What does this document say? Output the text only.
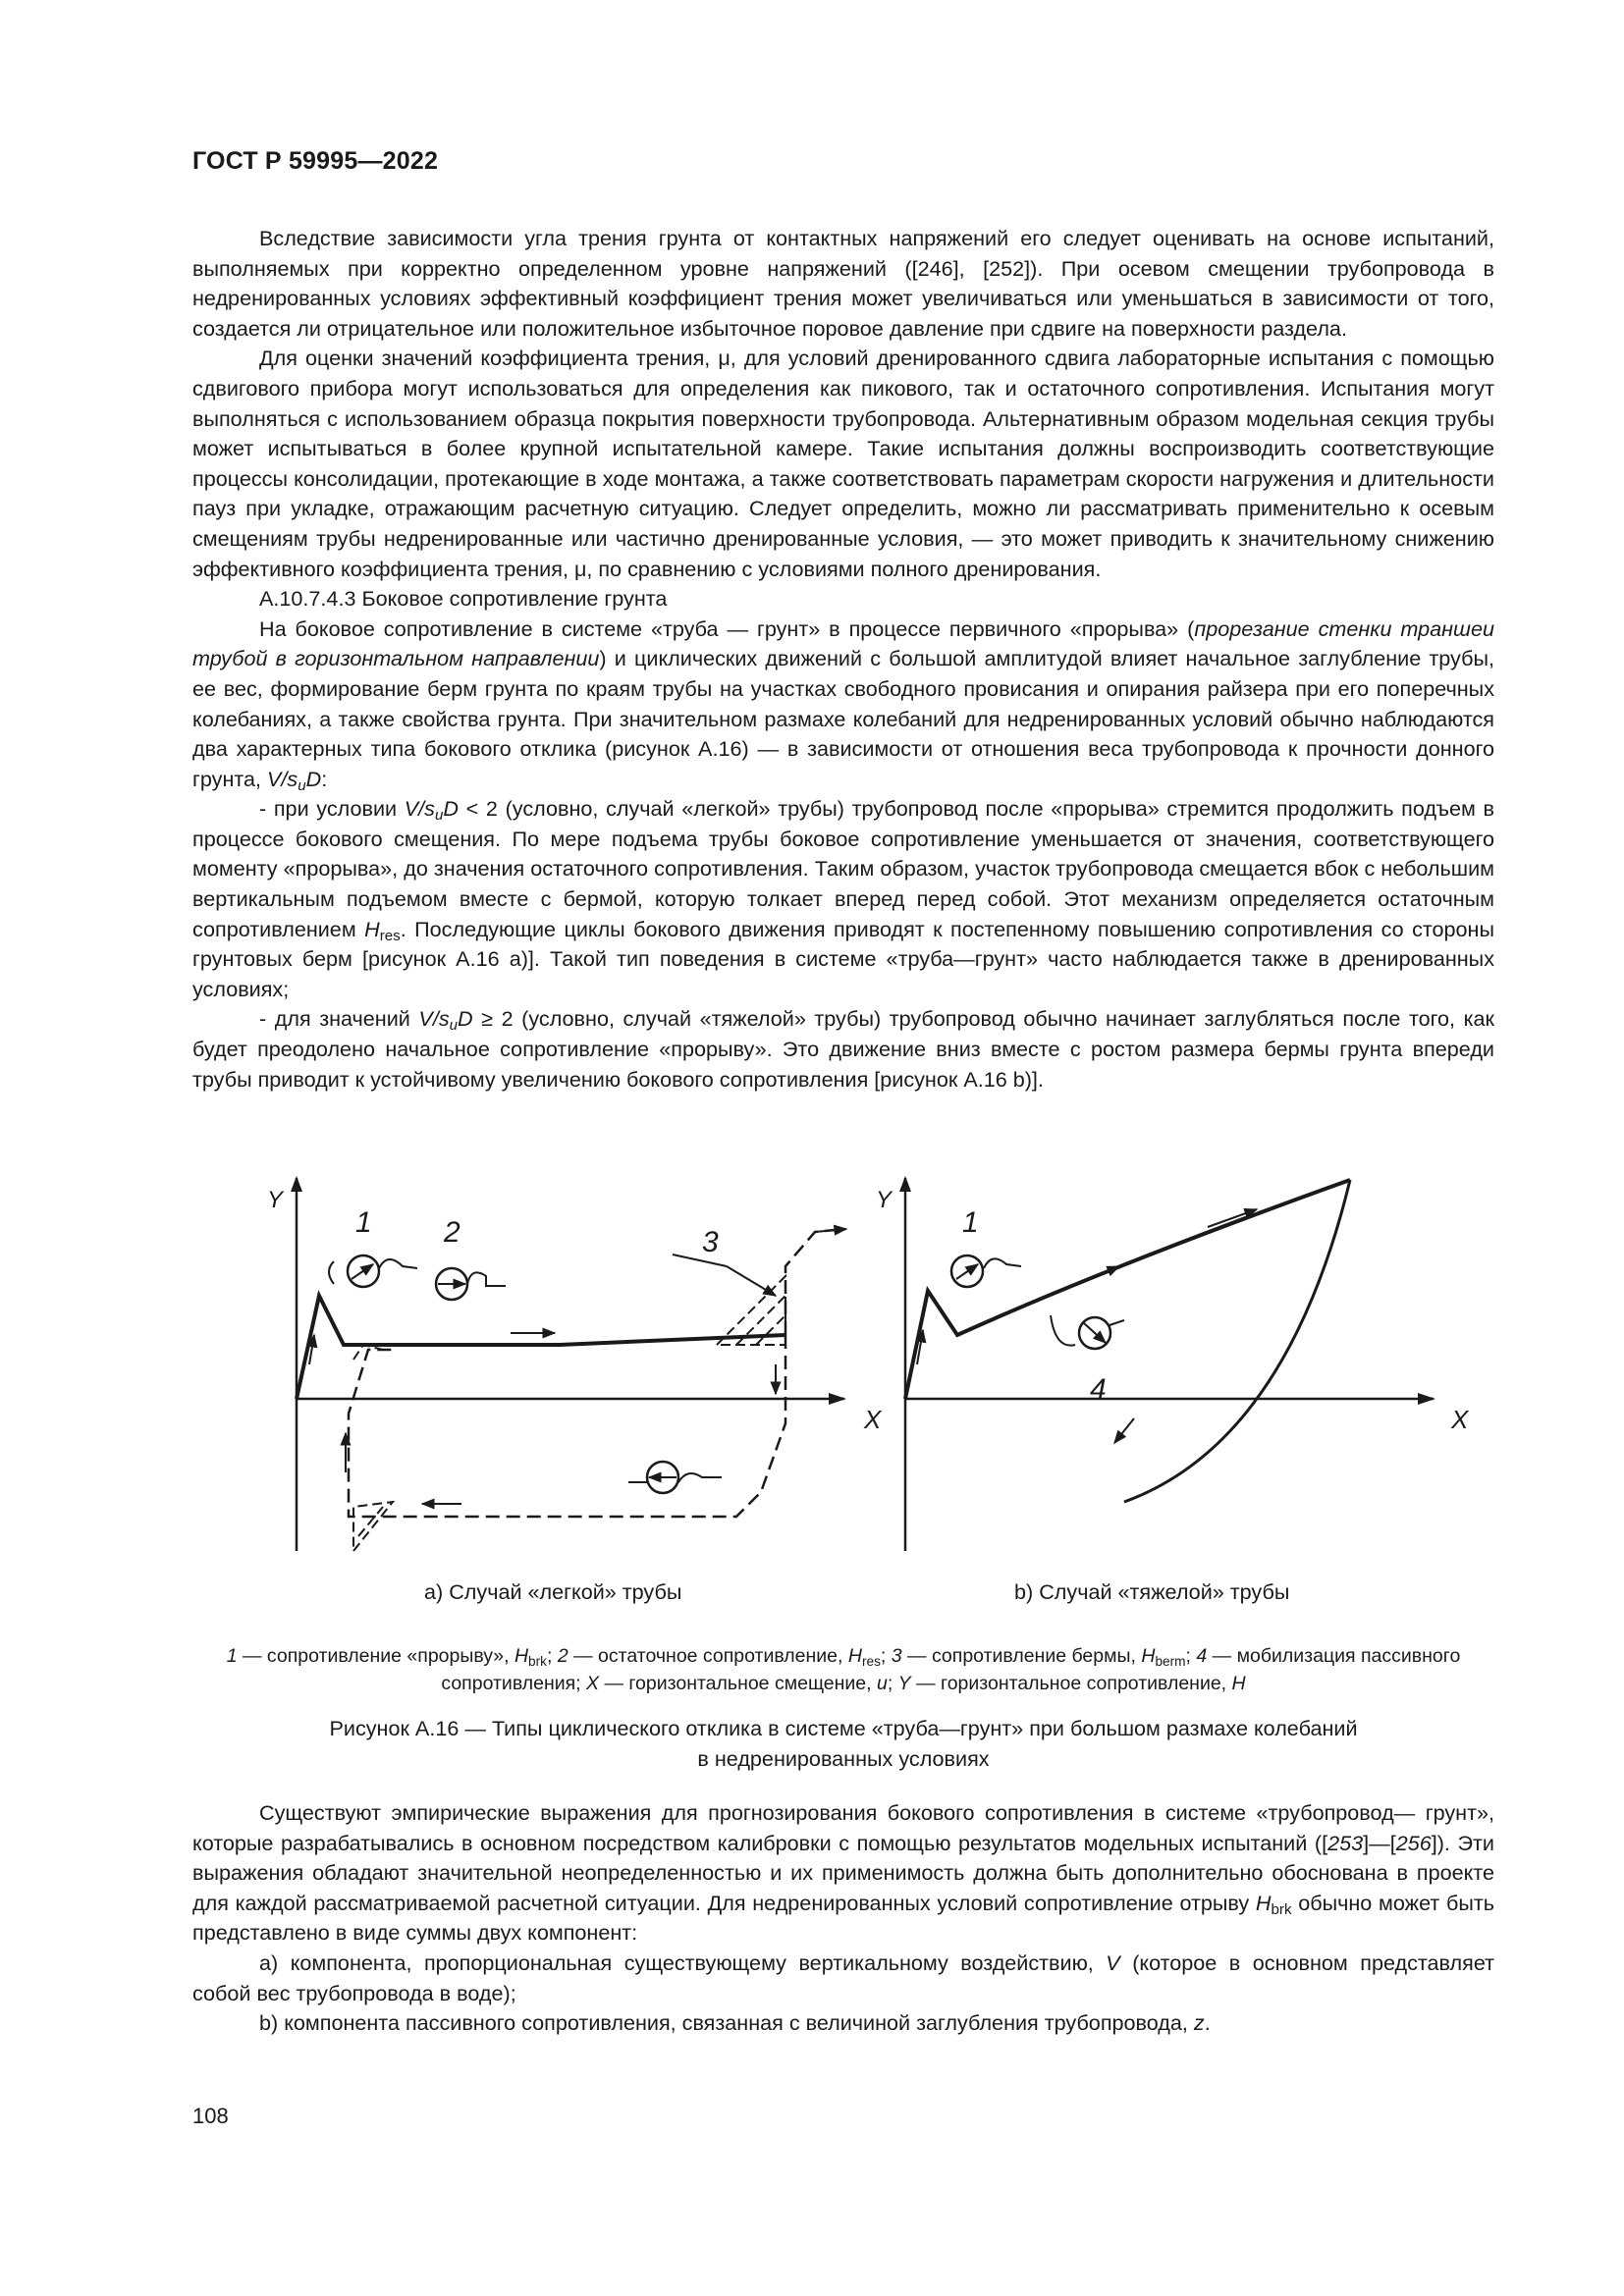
ГОСТ Р 59995—2022

Вследствие зависимости угла трения грунта от контактных напряжений его следует оценивать на основе испытаний, выполняемых при корректно определенном уровне напряжений ([246], [252]). При осевом смещении трубопровода в недренированных условиях эффективный коэффициент трения может увеличиваться или уменьшаться в зависимости от того, создается ли отрицательное или положительное избыточное поровое давление при сдвиге на поверхности раздела.

Для оценки значений коэффициента трения, μ, для условий дренированного сдвига лабораторные испытания с помощью сдвигового прибора могут использоваться для определения как пикового, так и остаточного сопротивления. Испытания могут выполняться с использованием образца покрытия поверхности трубопровода. Альтернативным образом модельная секция трубы может испытываться в более крупной испытательной камере. Такие испытания должны воспроизводить соответствующие процессы консолидации, протекающие в ходе монтажа, а также соответствовать параметрам скорости нагружения и длительности пауз при укладке, отражающим расчетную ситуацию. Следует определить, можно ли рассматривать применительно к осевым смещениям трубы недренированные или частично дренированные условия, — это может приводить к значительному снижению эффективного коэффициента трения, μ, по сравнению с условиями полного дренирования.

А.10.7.4.3 Боковое сопротивление грунта

На боковое сопротивление в системе «труба — грунт» в процессе первичного «прорыва» (прорезание стенки траншеи трубой в горизонтальном направлении) и циклических движений с большой амплитудой влияет начальное заглубление трубы, ее вес, формирование берм грунта по краям трубы на участках свободного провисания и опирания райзера при его поперечных колебаниях, а также свойства грунта. При значительном размахе колебаний для недренированных условий обычно наблюдаются два характерных типа бокового отклика (рисунок А.16) — в зависимости от отношения веса трубопровода к прочности донного грунта, $V/s_uD$:

- при условии $V/s_uD < 2$ (условно, случай «легкой» трубы) трубопровод после «прорыва» стремится продолжить подъем в процессе бокового смещения. По мере подъема трубы боковое сопротивление уменьшается от значения, соответствующего моменту «прорыва», до значения остаточного сопротивления. Таким образом, участок трубопровода смещается вбок с небольшим вертикальным подъемом вместе с бермой, которую толкает вперед перед собой. Этот механизм определяется остаточным сопротивлением $H_{res}$. Последующие циклы бокового движения приводят к постепенному повышению сопротивления со стороны грунтовых берм [рисунок А.16 а)]. Такой тип поведения в системе «труба—грунт» часто наблюдается также в дренированных условиях;

- для значений $V/s_uD \ge 2$ (условно, случай «тяжелой» трубы) трубопровод обычно начинает заглубляться после того, как будет преодолено начальное сопротивление «прорыву». Это движение вниз вместе с ростом размера бермы грунта впереди трубы приводит к устойчивому увеличению бокового сопротивления [рисунок А.16 b)].

Y
X
3
1 2
Y
X
1
4
а) Случай «легкой» трубы	b) Случай «тяжелой» трубы
1 — сопротивление «прорыву», $H_{brk}$; 2 — остаточное сопротивление, $H_{res}$; 3 — сопротивление бермы, $H_{berm}$; 4 — мобилизация пассивного сопротивления; X — горизонтальное смещение, u; Y — горизонтальное сопротивление, H
Рисунок А.16 — Типы циклического отклика в системе «труба—грунт» при большом размахе колебаний
в недренированных условиях

Существуют эмпирические выражения для прогнозирования бокового сопротивления в системе «трубопровод— грунт», которые разрабатывались в основном посредством калибровки с помощью результатов модельных испытаний ([253]—[256]). Эти выражения обладают значительной неопределенностью и их применимость должна быть дополнительно обоснована в проекте для каждой рассматриваемой расчетной ситуации. Для недренированных условий сопротивление отрыву $H_{brk}$ обычно может быть представлено в виде суммы двух компонент:

а) компонента, пропорциональная существующему вертикальному воздействию, V (которое в основном представляет собой вес трубопровода в воде);

b) компонента пассивного сопротивления, связанная с величиной заглубления трубопровода, z.

108
